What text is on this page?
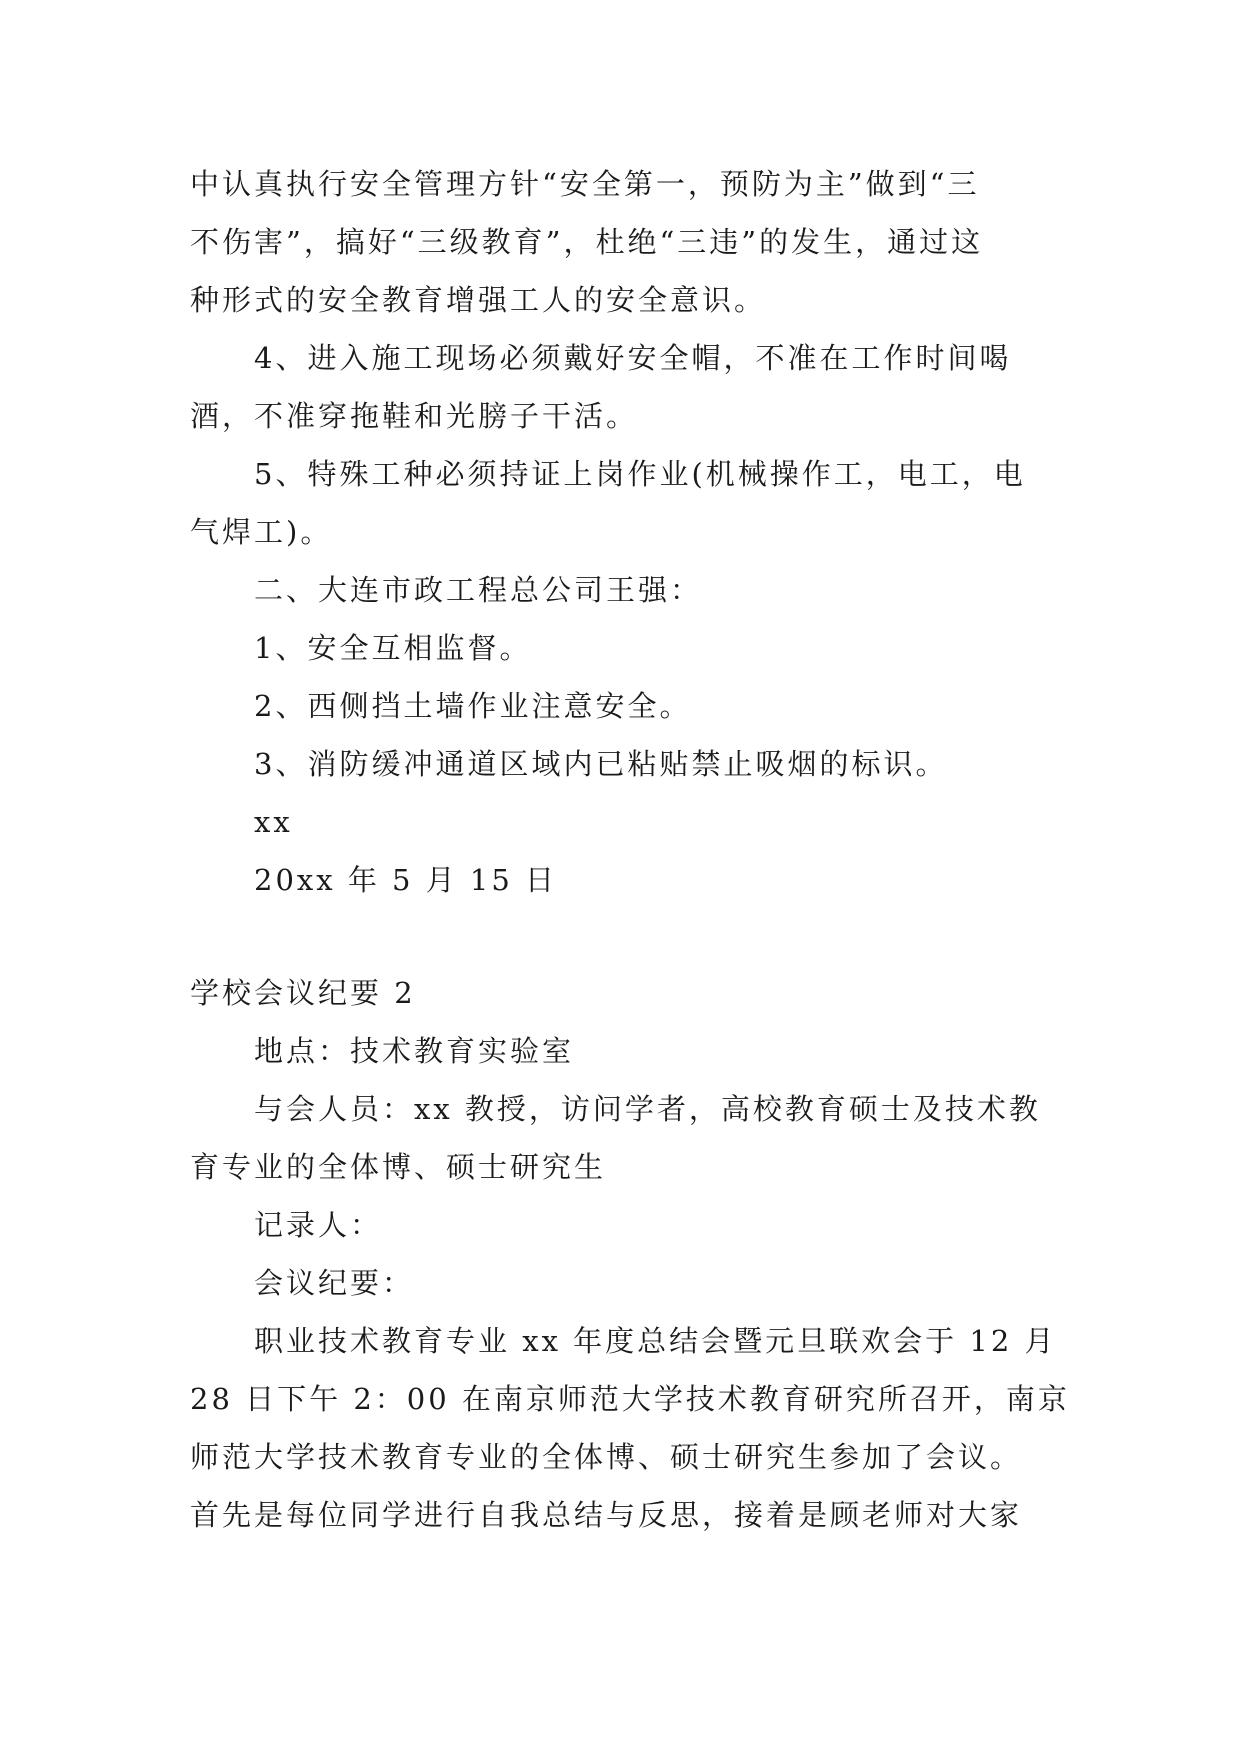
中认真执行安全管理方针“安全第一，预防为主”做到“三
不伤害”，搞好“三级教育”，杜绝“三违”的发生，通过这
种形式的安全教育增强工人的安全意识。
4、进入施工现场必须戴好安全帽，不准在工作时间喝
酒，不准穿拖鞋和光膀子干活。
5、特殊工种必须持证上岗作业(机械操作工，电工，电
气焊工)。
二、大连市政工程总公司王强：
1、安全互相监督。
2、西侧挡土墙作业注意安全。
3、消防缓冲通道区域内已粘贴禁止吸烟的标识。
xx
20xx 年 5 月 15 日
学校会议纪要 2
地点：技术教育实验室
与会人员：xx 教授，访问学者，高校教育硕士及技术教
育专业的全体博、硕士研究生
记录人：
会议纪要：
职业技术教育专业 xx 年度总结会暨元旦联欢会于 12 月
28 日下午 2：00 在南京师范大学技术教育研究所召开，南京
师范大学技术教育专业的全体博、硕士研究生参加了会议。
首先是每位同学进行自我总结与反思，接着是顾老师对大家
